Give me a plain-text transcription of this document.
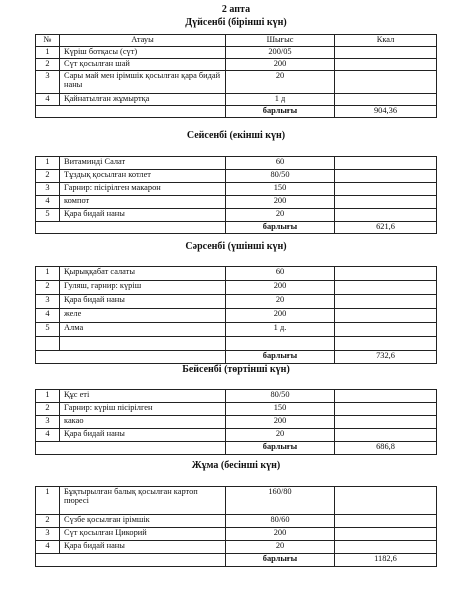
2 апта
Дүйсенбі (бірінші күн)
№	Атауы	Шығыс	Ккал
1	Күріш ботқасы (сүт)	200/05	
2	Сүт қосылған шай	200	
3	Сары май мен ірімшік қосылған қара бидай наны	20	
4	Қайнатылған жұмыртқа	1 д	
		барлығы	904,36
Сейсенбі (екінші күн)
1	Витаминді Салат	60	
2	Тұздық қосылған котлет	80/50	
3	Гарнир: пісірілген макарон	150	
4	компот	200	
5	Қара бидай наны	20	
		барлығы	621,6
Сәрсенбі (үшінші күн)
1	Қырыққабат салаты	60	
2	Гуляш, гарнир: күріш	200	
3	Қара бидай наны	20	
4	желе	200	
5	Алма	1 д.	

		барлығы	732,6
Бейсенбі (төртінші күн)
1	Құс еті	80/50	
2	Гарнир: күріш пісірілген	150	
3	какао	200	
4	Қара бидай наны	20	
		барлығы	686,8
Жұма (бесінші күн)
1	Бұқтырылған балық қосылған картоп пюресі	160/80	
2	Сүзбе қосылған ірімшік	80/60	
3	Сүт қосылған Цикорий	200	
4	Қара бидай наны	20	
		барлығы	1182,6
